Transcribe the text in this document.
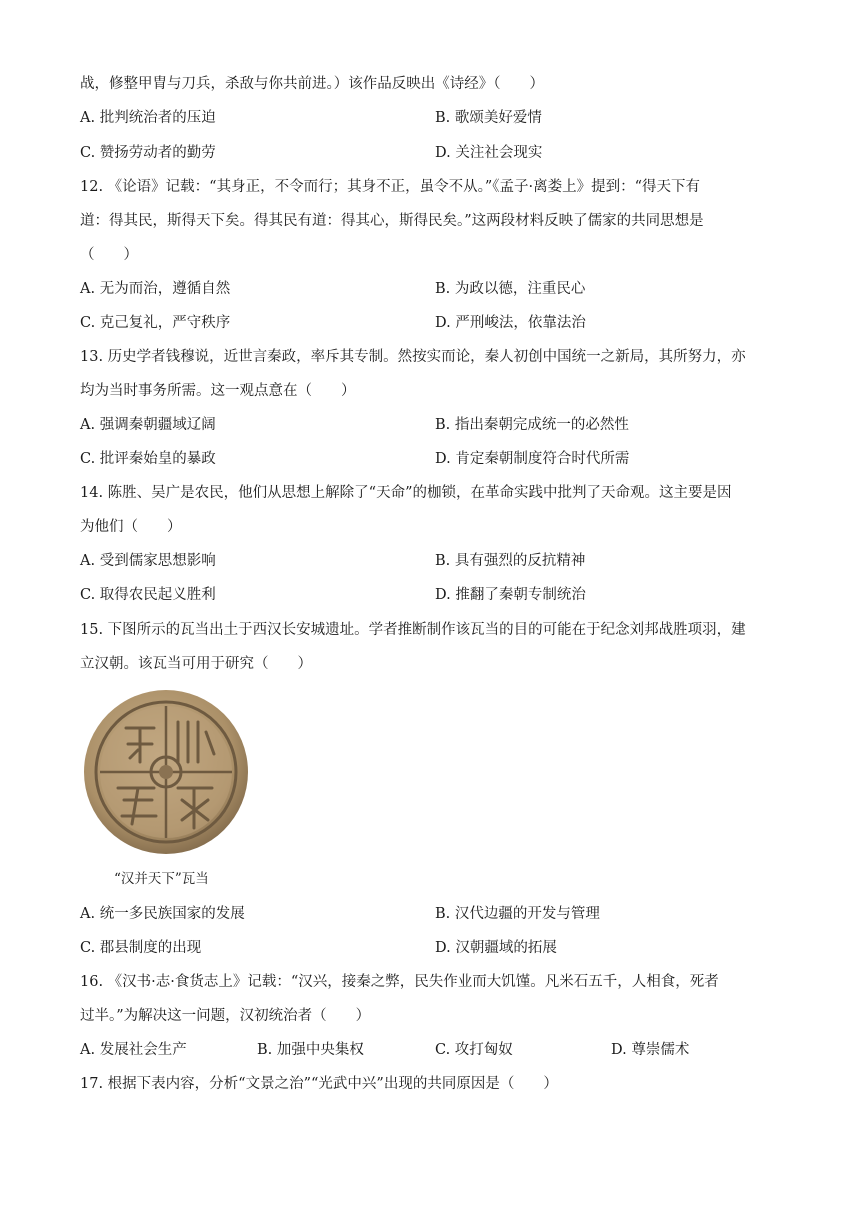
战，修整甲胄与刀兵，杀敌与你共前进。）该作品反映出《诗经》（　　）
A. 批判统治者的压迫	B. 歌颂美好爱情
C. 赞扬劳动者的勤劳	D. 关注社会现实
12. 《论语》记载：“其身正，不令而行；其身不正，虽令不从。”《孟子·离娄上》提到：“得天下有
道：得其民，斯得天下矣。得其民有道：得其心，斯得民矣。”这两段材料反映了儒家的共同思想是
（　　）
A. 无为而治，遵循自然	B. 为政以德，注重民心
C. 克己复礼，严守秩序	D. 严刑峻法，依靠法治
13. 历史学者钱穆说，近世言秦政，率斥其专制。然按实而论，秦人初创中国统一之新局，其所努力，亦
均为当时事务所需。这一观点意在（　　）
A. 强调秦朝疆域辽阔	B. 指出秦朝完成统一的必然性
C. 批评秦始皇的暴政	D. 肯定秦朝制度符合时代所需
14. 陈胜、吴广是农民，他们从思想上解除了“天命”的枷锁，在革命实践中批判了天命观。这主要是因
为他们（　　）
A. 受到儒家思想影响	B. 具有强烈的反抗精神
C. 取得农民起义胜利	D. 推翻了秦朝专制统治
15. 下图所示的瓦当出土于西汉长安城遗址。学者推断制作该瓦当的目的可能在于纪念刘邦战胜项羽，建
立汉朝。该瓦当可用于研究（　　）
“汉并天下”瓦当
A. 统一多民族国家的发展	B. 汉代边疆的开发与管理
C. 郡县制度的出现	D. 汉朝疆域的拓展
16. 《汉书·志·食货志上》记载：“汉兴，接秦之弊，民失作业而大饥馑。凡米石五千，人相食，死者
过半。”为解决这一问题，汉初统治者（　　）
A. 发展社会生产	B. 加强中央集权	C. 攻打匈奴	D. 尊崇儒术
17. 根据下表内容，分析“文景之治”“光武中兴”出现的共同原因是（　　）
